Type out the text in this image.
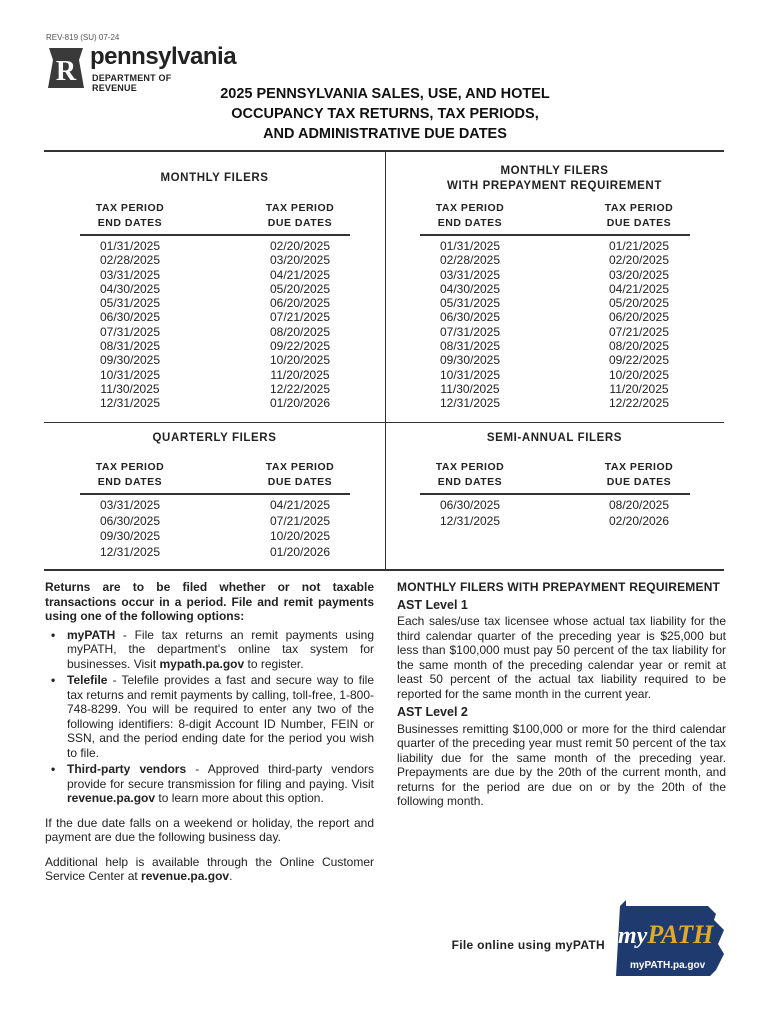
REV-819 (SU) 07-24
R pennsylvania
DEPARTMENT OF REVENUE	2025 PENNSYLVANIA SALES, USE, AND HOTEL
OCCUPANCY TAX RETURNS, TAX PERIODS,
AND ADMINISTRATIVE DUE DATES
MONTHLY FILERS
TAX PERIOD
END DATES
TAX PERIOD
DUE DATES
01/31/2025
02/28/2025
03/31/2025
04/30/2025
05/31/2025
06/30/2025
07/31/2025
08/31/2025
09/30/2025
10/31/2025
11/30/2025
12/31/2025
02/20/2025
03/20/2025
04/21/2025
05/20/2025
06/20/2025
07/21/2025
08/20/2025
09/22/2025
10/20/2025
11/20/2025
12/22/2025
01/20/2026
MONTHLY FILERS
WITH PREPAYMENT REQUIREMENT
TAX PERIOD
END DATES
TAX PERIOD
DUE DATES
01/31/2025
02/28/2025
03/31/2025
04/30/2025
05/31/2025
06/30/2025
07/31/2025
08/31/2025
09/30/2025
10/31/2025
11/30/2025
12/31/2025
01/21/2025
02/20/2025
03/20/2025
04/21/2025
05/20/2025
06/20/2025
07/21/2025
08/20/2025
09/22/2025
10/20/2025
11/20/2025
12/22/2025
QUARTERLY FILERS
TAX PERIOD
END DATES
TAX PERIOD
DUE DATES
03/31/2025
06/30/2025
09/30/2025
12/31/2025
04/21/2025
07/21/2025
10/20/2025
01/20/2026
SEMI-ANNUAL FILERS
TAX PERIOD
END DATES
TAX PERIOD
DUE DATES
06/30/2025
12/31/2025
08/20/2025
02/20/2026

Returns are to be filed whether or not taxable transactions occur in a period. File and remit payments using one of the following options:

• myPATH - File tax returns an remit payments using myPATH, the department's online tax system for businesses. Visit mypath.pa.gov to register.
• Telefile - Telefile provides a fast and secure way to file tax returns and remit payments by calling, toll-free, 1-800-748-8299. You will be required to enter any two of the following identifiers: 8-digit Account ID Number, FEIN or SSN, and the period ending date for the period you wish to file.
• Third-party vendors - Approved third-party vendors provide for secure transmission for filing and paying. Visit revenue.pa.gov to learn more about this option.

If the due date falls on a weekend or holiday, the report and payment are due the following business day.

Additional help is available through the Online Customer Service Center at revenue.pa.gov.

MONTHLY FILERS WITH PREPAYMENT REQUIREMENT
AST Level 1

Each sales/use tax licensee whose actual tax liability for the third calendar quarter of the preceding year is $25,000 but less than $100,000 must pay 50 percent of the tax liability for the same month of the preceding calendar year or remit at least 50 percent of the actual tax liability required to be reported for the same month in the current year.

AST Level 2

Businesses remitting $100,000 or more for the third calendar quarter of the preceding year must remit 50 percent of the tax liability due for the same month of the preceding year. Prepayments are due by the 20th of the current month, and returns for the period are due on or by the 20th of the following month.

File online using myPATH myPATH
myPATH.pa.gov
